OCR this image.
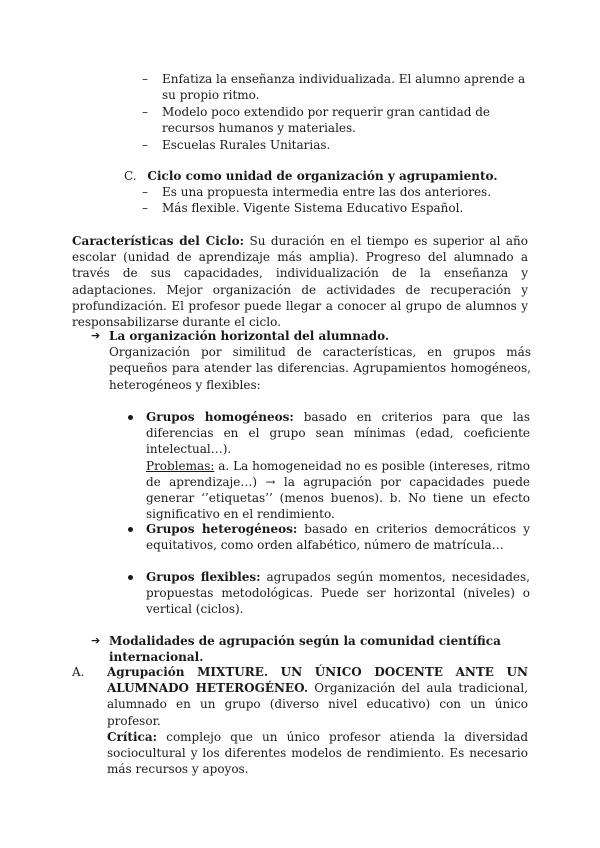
– Enfatiza la enseñanza individualizada. El alumno aprende a su propio ritmo.
– Modelo poco extendido por requerir gran cantidad de recursos humanos y materiales.
– Escuelas Rurales Unitarias.
C. Ciclo como unidad de organización y agrupamiento.
– Es una propuesta intermedia entre las dos anteriores.
– Más flexible. Vigente Sistema Educativo Español.
Características del Ciclo: Su duración en el tiempo es superior al año escolar (unidad de aprendizaje más amplia). Progreso del alumnado a través de sus capacidades, individualización de la enseñanza y adaptaciones. Mejor organización de actividades de recuperación y profundización. El profesor puede llegar a conocer al grupo de alumnos y responsabilizarse durante el ciclo.
➔ La organización horizontal del alumnado.
Organización por similitud de características, en grupos más pequeños para atender las diferencias. Agrupamientos homogéneos, heterogéneos y flexibles:
Grupos homogéneos: basado en criterios para que las diferencias en el grupo sean mínimas (edad, coeficiente intelectual…).
Problemas: a. La homogeneidad no es posible (intereses, ritmo de aprendizaje…) → la agrupación por capacidades puede generar ‘’etiquetas’’ (menos buenos). b. No tiene un efecto significativo en el rendimiento.
Grupos heterogéneos: basado en criterios democráticos y equitativos, como orden alfabético, número de matrícula…
Grupos flexibles: agrupados según momentos, necesidades, propuestas metodológicas. Puede ser horizontal (niveles) o vertical (ciclos).
➔ Modalidades de agrupación según la comunidad científica internacional.
A. Agrupación MIXTURE. UN ÚNICO DOCENTE ANTE UN ALUMNADO HETEROGÉNEO. Organización del aula tradicional, alumnado en un grupo (diverso nivel educativo) con un único profesor.
Crítica: complejo que un único profesor atienda la diversidad sociocultural y los diferentes modelos de rendimiento. Es necesario más recursos y apoyos.
